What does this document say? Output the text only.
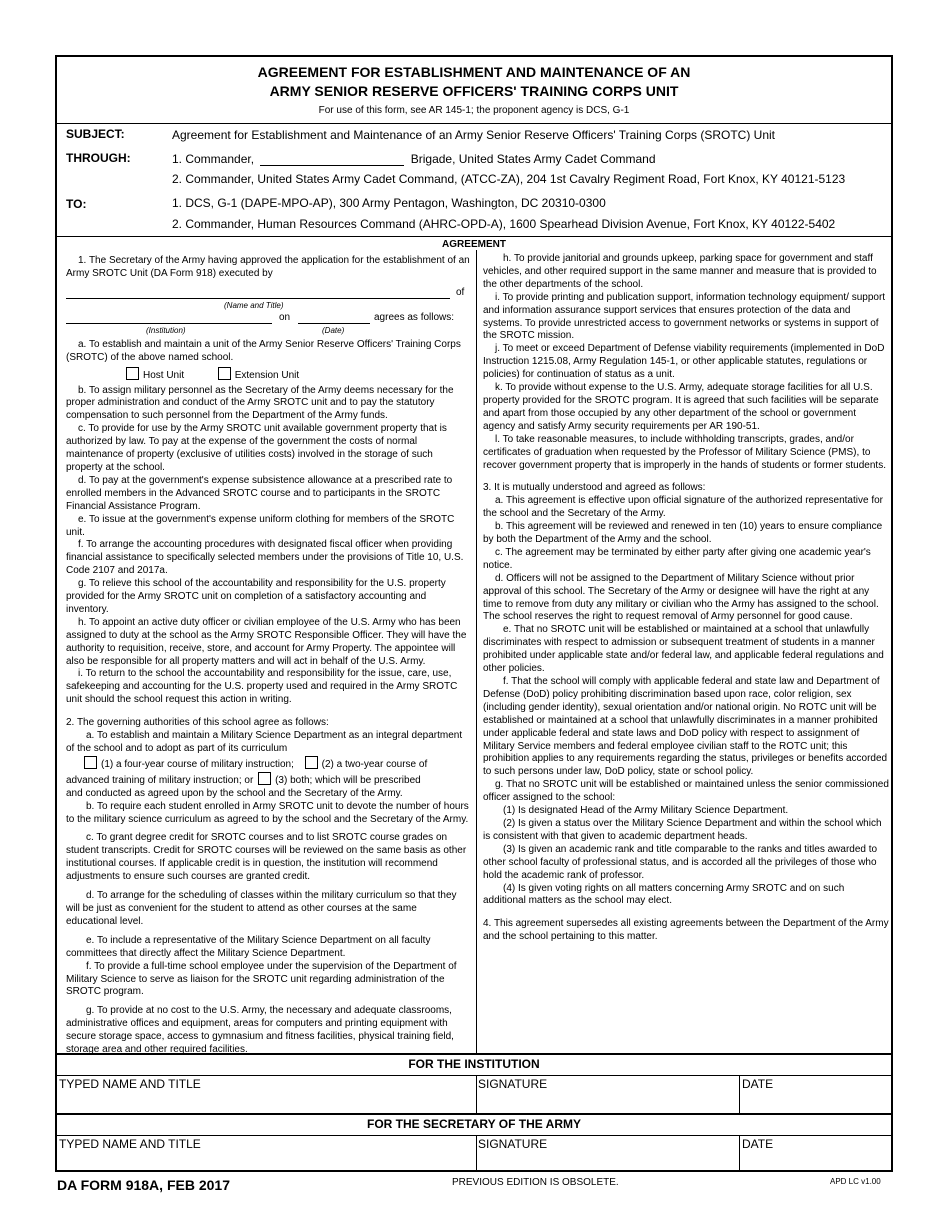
AGREEMENT FOR ESTABLISHMENT AND MAINTENANCE OF AN
ARMY SENIOR RESERVE OFFICERS' TRAINING CORPS UNIT
For use of this form, see AR 145-1; the proponent agency is DCS, G-1
SUBJECT:	Agreement for Establishment and Maintenance of an Army Senior Reserve Officers' Training Corps (SROTC) Unit
THROUGH:	1. Commander,	Brigade, United States Army Cadet Command
2. Commander, United States Army Cadet Command, (ATCC-ZA), 204 1st Cavalry Regiment Road, Fort Knox, KY 40121-5123
TO:	1. DCS, G-1 (DAPE-MPO-AP), 300 Army Pentagon, Washington, DC 20310-0300
2. Commander, Human Resources Command (AHRC-OPD-A), 1600 Spearhead Division Avenue, Fort Knox, KY 40122-5402
AGREEMENT

1. The Secretary of the Army having approved the application for the establishment of an Army SROTC Unit (DA Form 918) executed by

of
(Name and Title)
on	agrees as follows:
(Institution)	(Date)

a. To establish and maintain a unit of the Army Senior Reserve Officers' Training Corps (SROTC) of the above named school.

Host Unit	Extension Unit

b. To assign military personnel as the Secretary of the Army deems necessary for the proper administration and conduct of the Army SROTC unit and to pay the statutory compensation to such personnel from the Department of the Army funds.

c. To provide for use by the Army SROTC unit available government property that is authorized by law. To pay at the expense of the government the costs of normal maintenance of property (exclusive of utilities costs) involved in the storage of such property at the school.

d. To pay at the government's expense subsistence allowance at a prescribed rate to enrolled members in the Advanced SROTC course and to participants in the SROTC Financial Assistance Program.

e. To issue at the government's expense uniform clothing for members of the SROTC unit.

f. To arrange the accounting procedures with designated fiscal officer when providing financial assistance to specifically selected members under the provisions of Title 10, U.S. Code 2107 and 2017a.

g. To relieve this school of the accountability and responsibility for the U.S. property provided for the Army SROTC unit on completion of a satisfactory accounting and inventory.

h. To appoint an active duty officer or civilian employee of the U.S. Army who has been assigned to duty at the school as the Army SROTC Responsible Officer. They will have the authority to requisition, receive, store, and account for Army Property. The appointee will also be responsible for all property matters and will act in behalf of the U.S. Army.

i. To return to the school the accountability and responsibility for the issue, care, use, safekeeping and accounting for the U.S. property used and required in the Army SROTC unit should the school request this action in writing.

2. The governing authorities of this school agree as follows:

a. To establish and maintain a Military Science Department as an integral department of the school and to adopt as part of its curriculum

(1) a four-year course of military instruction;	(2) a two-year course of
advanced training of military instruction; or (3) both; which will be prescribed

and conducted as agreed upon by the school and the Secretary of the Army.

b. To require each student enrolled in Army SROTC unit to devote the number of hours to the military science curriculum as agreed to by the school and the Secretary of the Army.

c. To grant degree credit for SROTC courses and to list SROTC course grades on student transcripts. Credit for SROTC courses will be reviewed on the same basis as other institutional courses. If applicable credit is in question, the institution will recommend adjustments to ensure such courses are granted credit.

d. To arrange for the scheduling of classes within the military curriculum so that they will be just as convenient for the student to attend as other courses at the same educational level.

e. To include a representative of the Military Science Department on all faculty committees that directly affect the Military Science Department.

f. To provide a full-time school employee under the supervision of the Department of Military Science to serve as liaison for the SROTC unit regarding administration of the SROTC program.

g. To provide at no cost to the U.S. Army, the necessary and adequate classrooms, administrative offices and equipment, areas for computers and printing equipment with secure storage space, access to gymnasium and fitness facilities, physical training field, storage area and other required facilities.

h. To provide janitorial and grounds upkeep, parking space for government and staff vehicles, and other required support in the same manner and measure that is provided to the other departments of the school.

i. To provide printing and publication support, information technology equipment/ support and information assurance support services that ensures protection of the data and systems. To provide unrestricted access to government networks or systems in support of the SROTC mission.

j. To meet or exceed Department of Defense viability requirements (implemented in DoD Instruction 1215.08, Army Regulation 145-1, or other applicable statutes, regulations or policies) for continuation of status as a unit.

k. To provide without expense to the U.S. Army, adequate storage facilities for all U.S. property provided for the SROTC program. It is agreed that such facilities will be separate and apart from those occupied by any other department of the school or government agency and satisfy Army security requirements per AR 190-51.

l. To take reasonable measures, to include withholding transcripts, grades, and/or certificates of graduation when requested by the Professor of Military Science (PMS), to recover government property that is improperly in the hands of students or former students.

3. It is mutually understood and agreed as follows:

a. This agreement is effective upon official signature of the authorized representative for the school and the Secretary of the Army.

b. This agreement will be reviewed and renewed in ten (10) years to ensure compliance by both the Department of the Army and the school.

c. The agreement may be terminated by either party after giving one academic year's notice.

d. Officers will not be assigned to the Department of Military Science without prior approval of this school. The Secretary of the Army or designee will have the right at any time to remove from duty any military or civilian who the Army has assigned to the school. The school reserves the right to request removal of Army personnel for good cause.

e. That no SROTC unit will be established or maintained at a school that unlawfully discriminates with respect to admission or subsequent treatment of students in a manner prohibited under applicable state and/or federal law, and applicable federal regulations and other policies.

f. That the school will comply with applicable federal and state law and Department of Defense (DoD) policy prohibiting discrimination based upon race, color religion, sex (including gender identity), sexual orientation and/or national origin. No ROTC unit will be established or maintained at a school that unlawfully discriminates in a manner prohibited under applicable federal and state laws and DoD policy with respect to assignment of Military Service members and federal employee civilian staff to the ROTC unit; this prohibition applies to any requirements regarding the status, privileges or benefits accorded to such persons under law, DoD policy, state or school policy.

g. That no SROTC unit will be established or maintained unless the senior commissioned officer assigned to the school:

(1) Is designated Head of the Army Military Science Department.

(2) Is given a status over the Military Science Department and within the school which is consistent with that given to academic department heads.

(3) Is given an academic rank and title comparable to the ranks and titles awarded to other school faculty of professional status, and is accorded all the privileges of those who hold the academic rank of professor.

(4) Is given voting rights on all matters concerning Army SROTC and on such additional matters as the school may elect.

4. This agreement supersedes all existing agreements between the Department of the Army and the school pertaining to this matter.

FOR THE INSTITUTION
TYPED NAME AND TITLE	SIGNATURE	DATE
FOR THE SECRETARY OF THE ARMY
TYPED NAME AND TITLE	SIGNATURE	DATE
DA FORM 918A, FEB 2017	PREVIOUS EDITION IS OBSOLETE.	APD LC v1.00
